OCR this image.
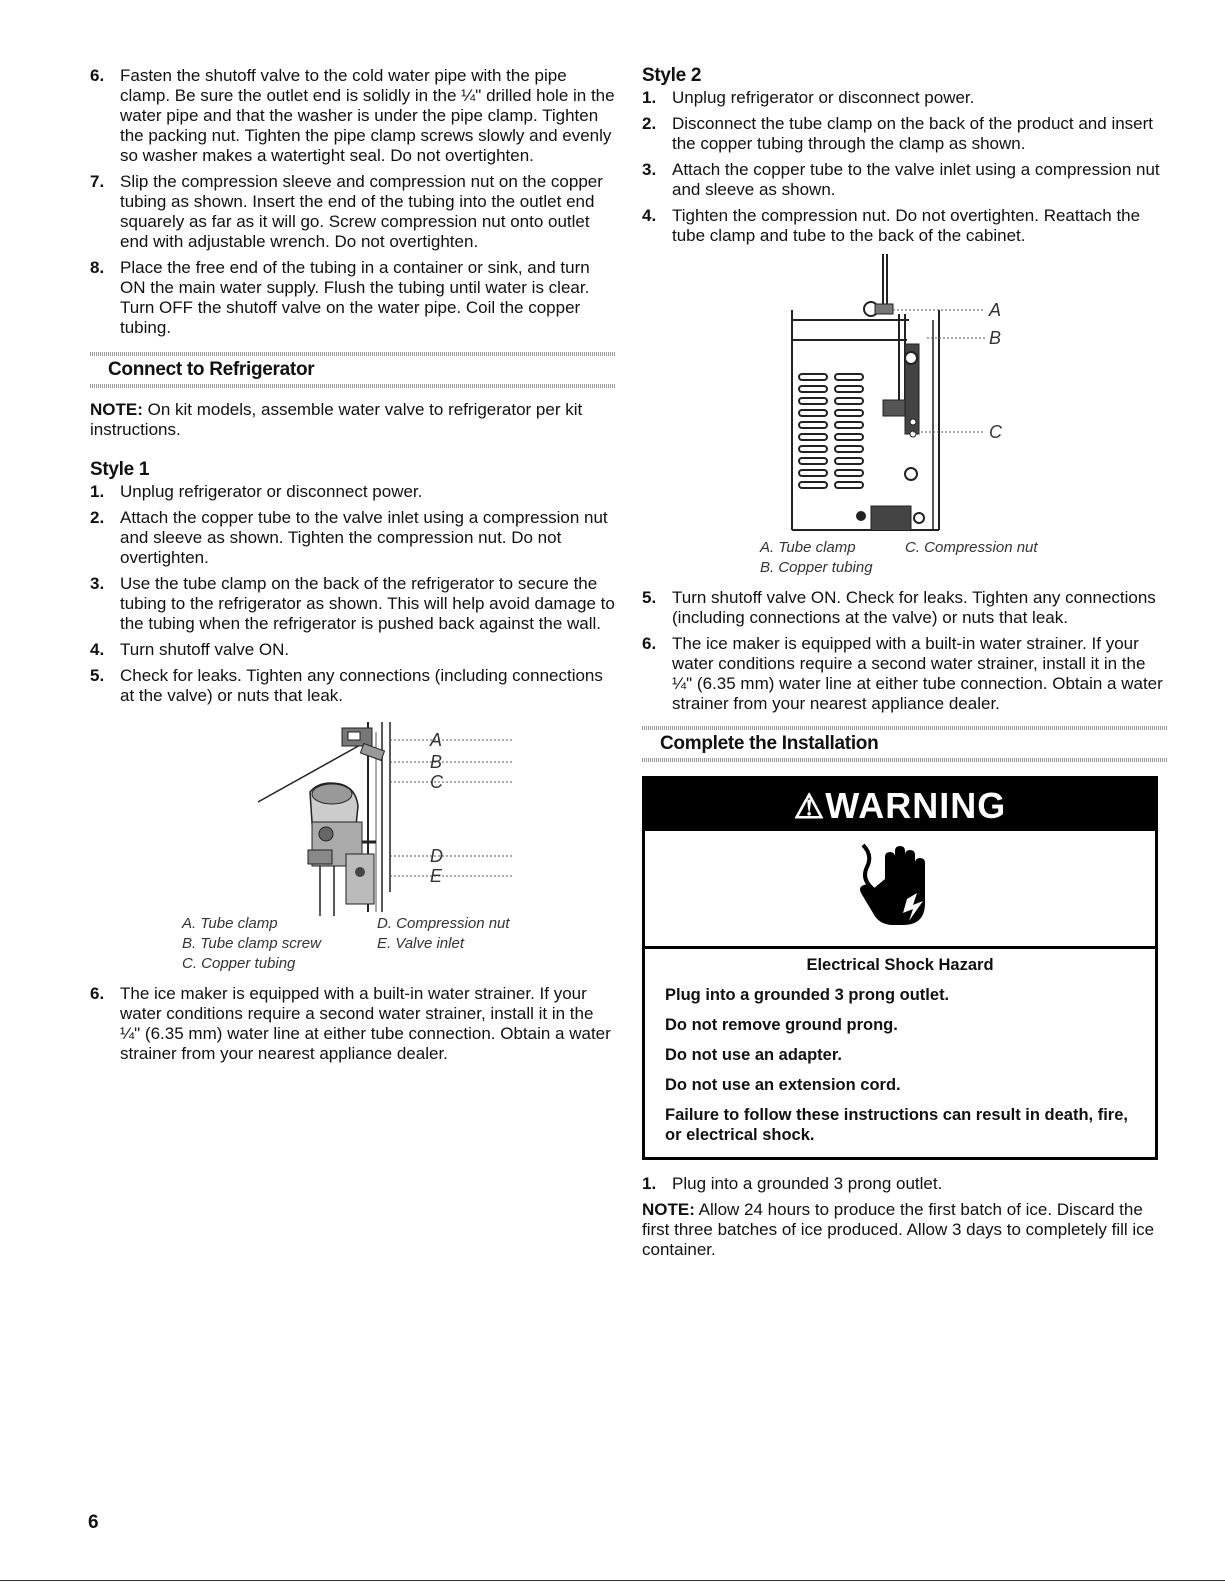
6. Fasten the shutoff valve to the cold water pipe with the pipe clamp. Be sure the outlet end is solidly in the ¼" drilled hole in the water pipe and that the washer is under the pipe clamp. Tighten the packing nut. Tighten the pipe clamp screws slowly and evenly so washer makes a watertight seal. Do not overtighten.
7. Slip the compression sleeve and compression nut on the copper tubing as shown. Insert the end of the tubing into the outlet end squarely as far as it will go. Screw compression nut onto outlet end with adjustable wrench. Do not overtighten.
8. Place the free end of the tubing in a container or sink, and turn ON the main water supply. Flush the tubing until water is clear. Turn OFF the shutoff valve on the water pipe. Coil the copper tubing.
Connect to Refrigerator

NOTE: On kit models, assemble water valve to refrigerator per kit instructions.

Style 1
1. Unplug refrigerator or disconnect power.
2. Attach the copper tube to the valve inlet using a compression nut and sleeve as shown. Tighten the compression nut. Do not overtighten.
3. Use the tube clamp on the back of the refrigerator to secure the tubing to the refrigerator as shown. This will help avoid damage to the tubing when the refrigerator is pushed back against the wall.
4. Turn shutoff valve ON.
5. Check for leaks. Tighten any connections (including connections at the valve) or nuts that leak.
A
B
C
D
E
A. Tube clamp
B. Tube clamp screw
C. Copper tubing
D. Compression nut
E. Valve inlet
6. The ice maker is equipped with a built-in water strainer. If your water conditions require a second water strainer, install it in the ¼" (6.35 mm) water line at either tube connection. Obtain a water strainer from your nearest appliance dealer.
Style 2
1. Unplug refrigerator or disconnect power.
2. Disconnect the tube clamp on the back of the product and insert the copper tubing through the clamp as shown.
3. Attach the copper tube to the valve inlet using a compression nut and sleeve as shown.
4. Tighten the compression nut. Do not overtighten. Reattach the tube clamp and tube to the back of the cabinet.
A
B
C
A. Tube clamp
B. Copper tubing
C. Compression nut
5. Turn shutoff valve ON. Check for leaks. Tighten any connections (including connections at the valve) or nuts that leak.
6. The ice maker is equipped with a built-in water strainer. If your water conditions require a second water strainer, install it in the ¼" (6.35 mm) water line at either tube connection. Obtain a water strainer from your nearest appliance dealer.
Complete the Installation
⚠WARNING
Electrical Shock Hazard

Plug into a grounded 3 prong outlet.

Do not remove ground prong.

Do not use an adapter.

Do not use an extension cord.

Failure to follow these instructions can result in death, fire, or electrical shock.

1. Plug into a grounded 3 prong outlet.

NOTE: Allow 24 hours to produce the first batch of ice. Discard the first three batches of ice produced. Allow 3 days to completely fill ice container.

6
